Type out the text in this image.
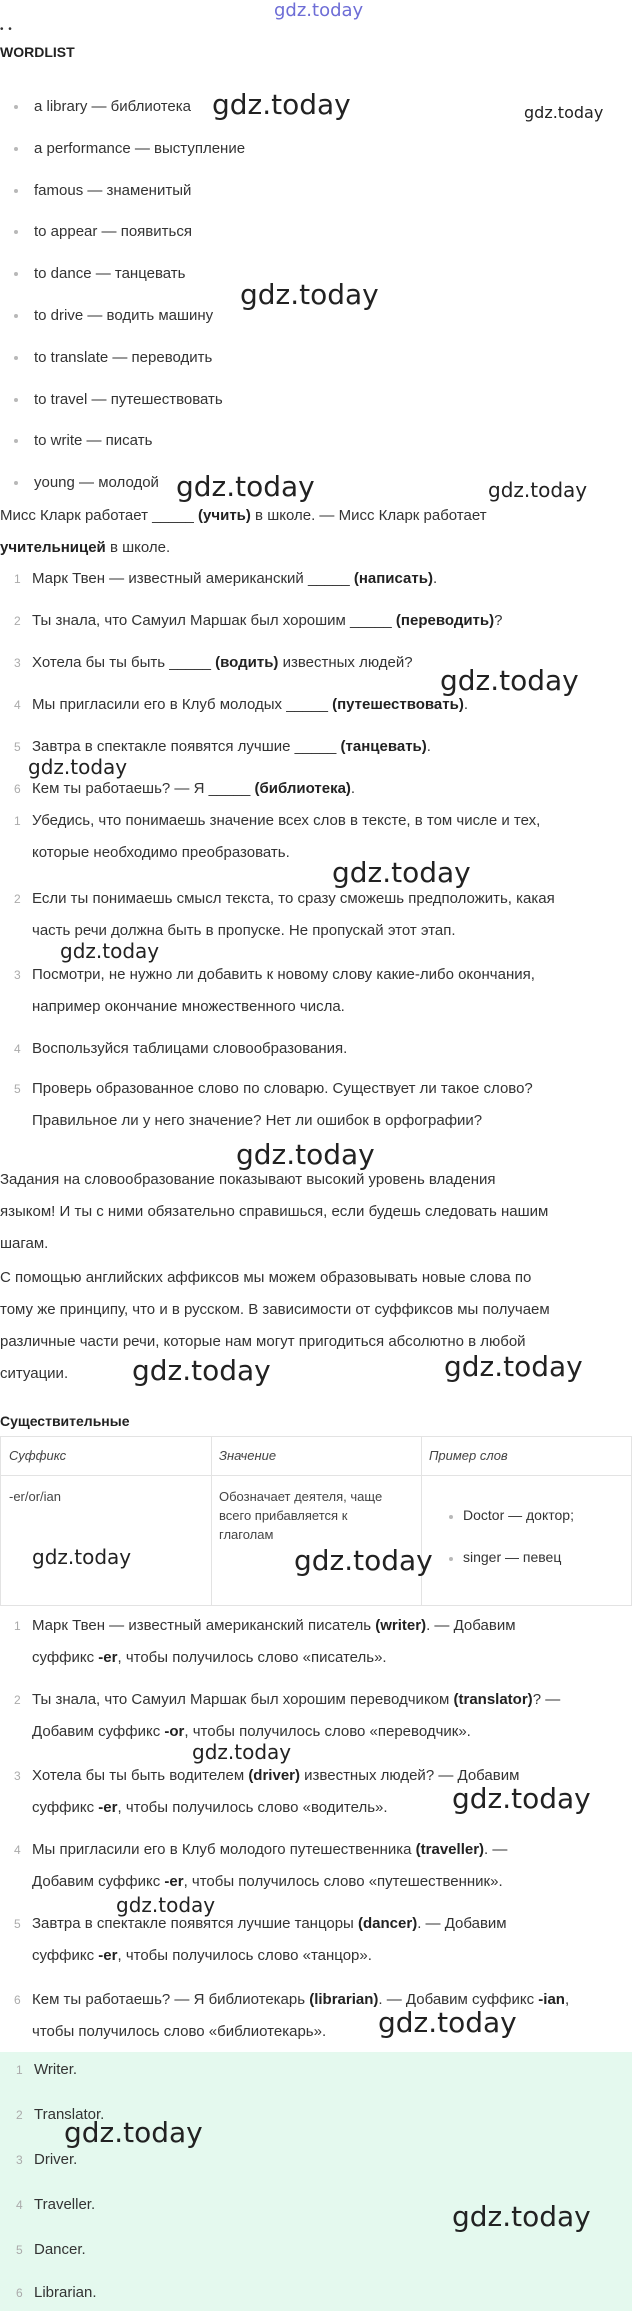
gdz.today
• •
WORDLIST
a library — библиотека
a performance — выступление
famous — знаменитый
to appear — появиться
to dance — танцевать
to drive — водить машину
to translate — переводить
to travel — путешествовать
to write — писать
young — молодой
Мисс Кларк работает _____ (учить) в школе. — Мисс Кларк работает
учительницей в школе.
1 Марк Твен — известный американский _____ (написать).
2 Ты знала, что Самуил Маршак был хорошим _____ (переводить)?
3 Хотела бы ты быть _____ (водить) известных людей?
4 Мы пригласили его в Клуб молодых _____ (путешествовать).
5 Завтра в спектакле появятся лучшие _____ (танцевать).
6 Кем ты работаешь? — Я _____ (библиотека).
1 Убедись, что понимаешь значение всех слов в тексте, в том числе и тех,
которые необходимо преобразовать.
2 Если ты понимаешь смысл текста, то сразу сможешь предположить, какая
часть речи должна быть в пропуске. Не пропускай этот этап.
3 Посмотри, не нужно ли добавить к новому слову какие-либо окончания,
например окончание множественного числа.
4 Воспользуйся таблицами словообразования.
5 Проверь образованное слово по словарю. Существует ли такое слово?
Правильное ли у него значение? Нет ли ошибок в орфографии?
Задания на словообразование показывают высокий уровень владения
языком! И ты с ними обязательно справишься, если будешь следовать нашим
шагам.
С помощью английских аффиксов мы можем образовывать новые слова по
тому же принципу, что и в русском. В зависимости от суффиксов мы получаем
различные части речи, которые нам могут пригодиться абсолютно в любой
ситуации.
Существительные
Суффикс	Значение	Пример слов
-er/or/ian	Обозначает деятеля, чаще
всего прибавляется к
глаголам
Doctor — доктор;
singer — певец
1 Марк Твен — известный американский писатель (writer). — Добавим
суффикс -er, чтобы получилось слово «писатель».
2 Ты знала, что Самуил Маршак был хорошим переводчиком (translator)? —
Добавим суффикс -or, чтобы получилось слово «переводчик».
3 Хотела бы ты быть водителем (driver) известных людей? — Добавим
суффикс -er, чтобы получилось слово «водитель».
4 Мы пригласили его в Клуб молодого путешественника (traveller). —
Добавим суффикс -er, чтобы получилось слово «путешественник».
5 Завтра в спектакле появятся лучшие танцоры (dancer). — Добавим
суффикс -er, чтобы получилось слово «танцор».
6 Кем ты работаешь? — Я библиотекарь (librarian). — Добавим суффикс -ian,
чтобы получилось слово «библиотекарь».
1 Writer.
2 Translator.
3 Driver.
4 Traveller.
5 Dancer.
6 Librarian.
gdz.today	gdz.today
gdz.today
gdz.today	gdz.today
gdz.today
gdz.today
gdz.today
gdz.today
gdz.today
gdz.today	gdz.today
gdz.today	gdz.today
gdz.today
gdz.today
gdz.today
gdz.today
gdz.today
gdz.today
